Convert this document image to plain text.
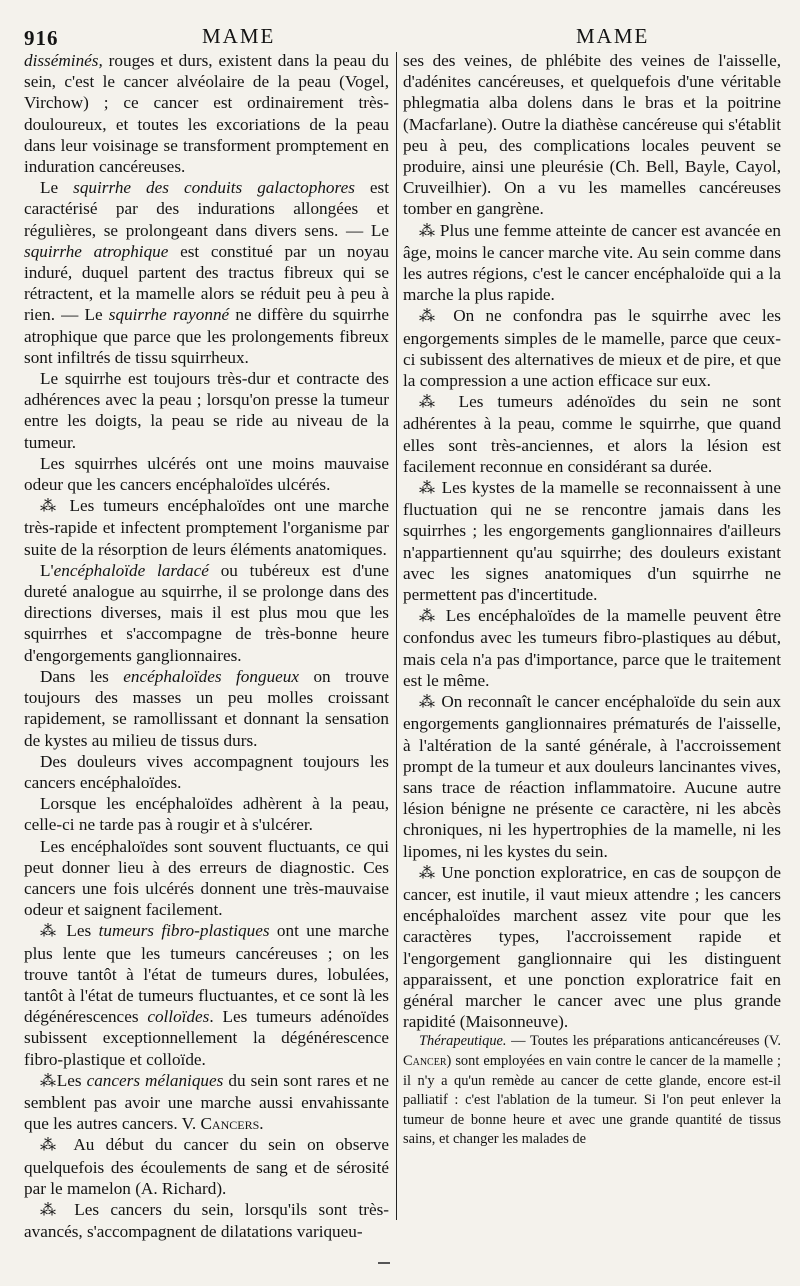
916	MAME	MAME

disséminés, rouges et durs, existent dans la peau du sein, c'est le cancer alvéolaire de la peau (Vogel, Virchow) ; ce cancer est ordinairement très-douloureux, et toutes les excoriations de la peau dans leur voisinage se transforment promptement en induration cancéreuses.

Le squirrhe des conduits galactophores est caractérisé par des indurations allongées et régulières, se prolongeant dans divers sens. — Le squirrhe atrophique est constitué par un noyau induré, duquel partent des tractus fibreux qui se rétractent, et la mamelle alors se réduit peu à peu à rien. — Le squirrhe rayonné ne diffère du squirrhe atrophique que parce que les prolongements fibreux sont infiltrés de tissu squirrheux.

Le squirrhe est toujours très-dur et contracte des adhérences avec la peau ; lorsqu'on presse la tumeur entre les doigts, la peau se ride au niveau de la tumeur.

Les squirrhes ulcérés ont une moins mauvaise odeur que les cancers encéphaloïdes ulcérés.

⁂ Les tumeurs encéphaloïdes ont une marche très-rapide et infectent promptement l'organisme par suite de la résorption de leurs éléments anatomiques.

L'encéphaloïde lardacé ou tubéreux est d'une dureté analogue au squirrhe, il se prolonge dans des directions diverses, mais il est plus mou que les squirrhes et s'accompagne de très-bonne heure d'engorgements ganglionnaires.

Dans les encéphaloïdes fongueux on trouve toujours des masses un peu molles croissant rapidement, se ramollissant et donnant la sensation de kystes au milieu de tissus durs.

Des douleurs vives accompagnent toujours les cancers encéphaloïdes.

Lorsque les encéphaloïdes adhèrent à la peau, celle-ci ne tarde pas à rougir et à s'ulcérer.

Les encéphaloïdes sont souvent fluctuants, ce qui peut donner lieu à des erreurs de diagnostic. Ces cancers une fois ulcérés donnent une très-mauvaise odeur et saignent facilement.

⁂ Les tumeurs fibro-plastiques ont une marche plus lente que les tumeurs cancéreuses ; on les trouve tantôt à l'état de tumeurs dures, lobulées, tantôt à l'état de tumeurs fluctuantes, et ce sont là les dégénérescences colloïdes. Les tumeurs adénoïdes subissent exceptionnellement la dégénérescence fibro-plastique et colloïde.

⁂Les cancers mélaniques du sein sont rares et ne semblent pas avoir une marche aussi envahissante que les autres cancers. V. Cancers.

⁂ Au début du cancer du sein on observe quelquefois des écoulements de sang et de sérosité par le mamelon (A. Richard).

⁂ Les cancers du sein, lorsqu'ils sont très-avancés, s'accompagnent de dilatations variqueu-

ses des veines, de phlébite des veines de l'aisselle, d'adénites cancéreuses, et quelquefois d'une véritable phlegmatia alba dolens dans le bras et la poitrine (Macfarlane). Outre la diathèse cancéreuse qui s'établit peu à peu, des complications locales peuvent se produire, ainsi une pleurésie (Ch. Bell, Bayle, Cayol, Cruveilhier). On a vu les mamelles cancéreuses tomber en gangrène.

⁂ Plus une femme atteinte de cancer est avancée en âge, moins le cancer marche vite. Au sein comme dans les autres régions, c'est le cancer encéphaloïde qui a la marche la plus rapide.

⁂ On ne confondra pas le squirrhe avec les engorgements simples de le mamelle, parce que ceux-ci subissent des alternatives de mieux et de pire, et que la compression a une action efficace sur eux.

⁂ Les tumeurs adénoïdes du sein ne sont adhérentes à la peau, comme le squirrhe, que quand elles sont très-anciennes, et alors la lésion est facilement reconnue en considérant sa durée.

⁂ Les kystes de la mamelle se reconnaissent à une fluctuation qui ne se rencontre jamais dans les squirrhes ; les engorgements ganglionnaires d'ailleurs n'appartiennent qu'au squirrhe; des douleurs existant avec les signes anatomiques d'un squirrhe ne permettent pas d'incertitude.

⁂ Les encéphaloïdes de la mamelle peuvent être confondus avec les tumeurs fibro-plastiques au début, mais cela n'a pas d'importance, parce que le traitement est le même.

⁂ On reconnaît le cancer encéphaloïde du sein aux engorgements ganglionnaires prématurés de l'aisselle, à l'altération de la santé générale, à l'accroissement prompt de la tumeur et aux douleurs lancinantes vives, sans trace de réaction inflammatoire. Aucune autre lésion bénigne ne présente ce caractère, ni les abcès chroniques, ni les hypertrophies de la mamelle, ni les lipomes, ni les kystes du sein.

⁂ Une ponction exploratrice, en cas de soupçon de cancer, est inutile, il vaut mieux attendre ; les cancers encéphaloïdes marchent assez vite pour que les caractères types, l'accroissement rapide et l'engorgement ganglionnaire qui les distinguent apparaissent, et une ponction exploratrice fait en général marcher le cancer avec une plus grande rapidité (Maisonneuve).

Thérapeutique. — Toutes les préparations anticancéreuses (V. Cancer) sont employées en vain contre le cancer de la mamelle ; il n'y a qu'un remède au cancer de cette glande, encore est-il palliatif : c'est l'ablation de la tumeur. Si l'on peut enlever la tumeur de bonne heure et avec une grande quantité de tissus sains, et changer les malades de
